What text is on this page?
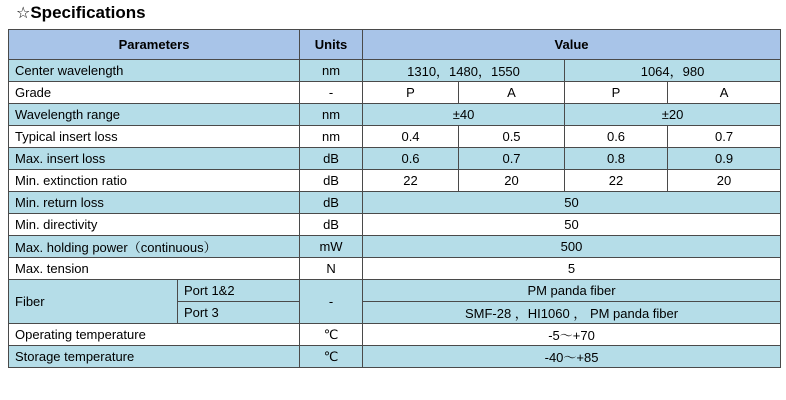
☆Specifications
Parameters		Units	Value			
Center wavelength		nm	1310，1480，1550		1064，980	
Grade		-	P	A	P	A
Wavelength range		nm	±40		±20	
Typical insert loss		nm	0.4	0.5	0.6	0.7
Max. insert loss		dB	0.6	0.7	0.8	0.9
Min. extinction ratio		dB	22	20	22	20
Min. return loss		dB	50			
Min. directivity		dB	50			
Max. holding power（continuous）		mW	500			
Max. tension		N	5			
Fiber	Port 1&2	-	PM panda fiber			
	Port 3		SMF-28 ，HI1060 ， PM panda fiber			
Operating temperature		℃	-5～+70			
Storage temperature		℃	-40～+85			
